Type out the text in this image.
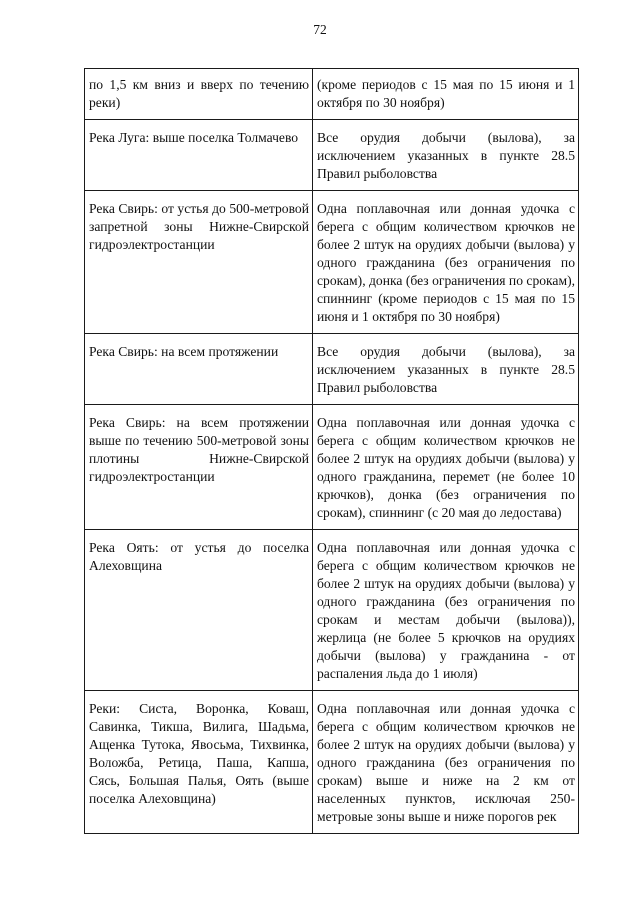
72
по 1,5 км вниз и вверх по течению реки)	(кроме периодов с 15 мая по 15 июня и 1 октября по 30 ноября)

Река Луга: выше поселка Толмачево	Все орудия добычи (вылова), за исключением указанных в пункте 28.5 Правил рыболовства

Река Свирь: от устья до 500-метровой запретной зоны Нижне-Свирской гидроэлектростанции	Одна поплавочная или донная удочка с берега с общим количеством крючков не более 2 штук на орудиях добычи (вылова) у одного гражданина (без ограничения по срокам), донка (без ограничения по срокам), спиннинг (кроме периодов с 15 мая по 15 июня и 1 октября по 30 ноября)

Река Свирь: на всем протяжении	Все орудия добычи (вылова), за исключением указанных в пункте 28.5 Правил рыболовства

Река Свирь: на всем протяжении выше по течению 500-метровой зоны плотины Нижне-Свирской гидроэлектростанции	Одна поплавочная или донная удочка с берега с общим количеством крючков не более 2 штук на орудиях добычи (вылова) у одного гражданина, перемет (не более 10 крючков), донка (без ограничения по срокам), спиннинг (с 20 мая до ледостава)

Река Оять: от устья до поселка Алеховщина	Одна поплавочная или донная удочка с берега с общим количеством крючков не более 2 штук на орудиях добычи (вылова) у одного гражданина (без ограничения по срокам и местам добычи (вылова)), жерлица (не более 5 крючков на орудиях добычи (вылова) у гражданина - от распаления льда до 1 июля)

Реки: Систа, Воронка, Коваш, Савинка, Тикша, Вилига, Шадьма, Ащенка Тутока, Явосьма, Тихвинка, Воложба, Ретица, Паша, Капша, Сясь, Большая Палья, Оять (выше поселка Алеховщина)	Одна поплавочная или донная удочка с берега с общим количеством крючков не более 2 штук на орудиях добычи (вылова) у одного гражданина (без ограничения по срокам) выше и ниже на 2 км от населенных пунктов, исключая 250-метровые зоны выше и ниже порогов рек
